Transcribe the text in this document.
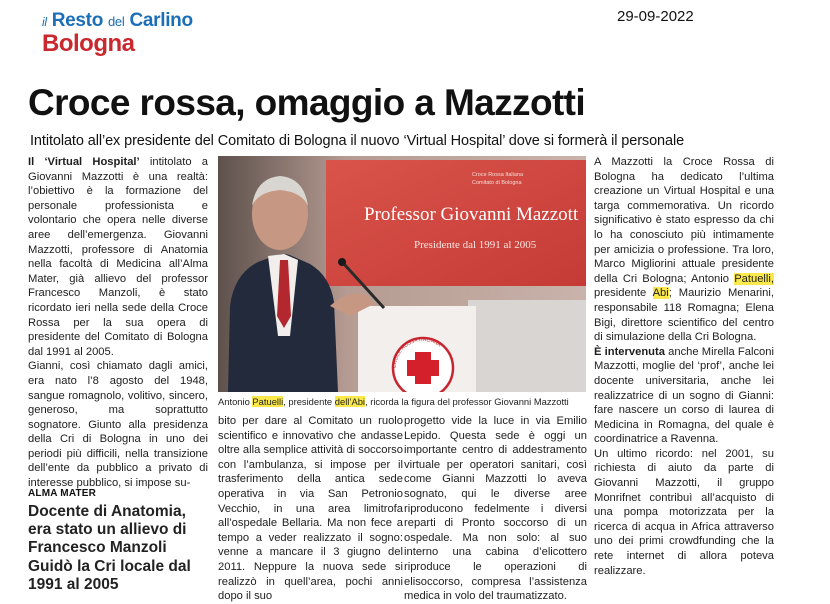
il Resto del Carlino
Bologna
29-09-2022
Croce rossa, omaggio a Mazzotti
Intitolato all’ex presidente del Comitato di Bologna il nuovo ‘Virtual Hospital’ dove si formerà il personale

Il ‘Virtual Hospital’ intitolato a Giovanni Mazzotti è una realtà: l’obiettivo è la formazione del personale professionista e volontario che opera nelle diverse aree dell’emergenza. Giovanni Mazzotti, professore di Anatomia nella facoltà di Medicina all’Alma Mater, già allievo del professor Francesco Manzoli, è stato ricordato ieri nella sede della Croce Rossa per la sua opera di presidente del Comitato di Bologna dal 1991 al 2005.

Gianni, così chiamato dagli amici, era nato l’8 agosto del 1948, sangue romagnolo, volitivo, sincero, generoso, ma soprattutto sognatore. Giunto alla presidenza della Cri di Bologna in uno dei periodi più difficili, nella transizione dell’ente da pubblico a privato di interesse pubblico, si impose su-

ALMA MATER
Docente di Anatomia, era stato un allievo di Francesco Manzoli Guidò la Cri locale dal 1991 al 2005
Croce Rossa Italiana
Comitato di Bologna
Professor Giovanni Mazzott
Presidente dal 1991 al 2005
CROCE ROSSA ITALIANA
Antonio Patuelli, presidente dell’Abi, ricorda la figura del professor Giovanni Mazzotti

bito per dare al Comitato un ruolo scientifico e innovativo che andasse oltre alla semplice attività di soccorso con l’ambulanza, si impose per il trasferimento della antica sede operativa in via San Petronio Vecchio, in una area limitrofa all’ospedale Bellaria. Ma non fece a tempo a veder realizzato il sogno: venne a mancare il 3 giugno del 2011. Neppure la nuova sede si realizzò in quell’area, pochi anni dopo il suo

progetto vide la luce in via Emilio Lepido. Questa sede è oggi un importante centro di addestramento virtuale per operatori sanitari, così come Gianni Mazzotti lo aveva sognato, qui le diverse aree riproducono fedelmente i diversi reparti di Pronto soccorso di un ospedale. Ma non solo: al suo interno una cabina d’elicottero riproduce le operazioni di elisoccorso, compresa l’assistenza medica in volo del traumatizzato.

A Mazzotti la Croce Rossa di Bologna ha dedicato l’ultima creazione un Virtual Hospital e una targa commemorativa. Un ricordo significativo è stato espresso da chi lo ha conosciuto più intimamente per amicizia o professione. Tra loro, Marco Migliorini attuale presidente della Cri Bologna; Antonio Patuelli, presidente Abi; Maurizio Menarini, responsabile 118 Romagna; Elena Bigi, direttore scientifico del centro di simulazione della Cri Bologna.

È intervenuta anche Mirella Falconi Mazzotti, moglie del ‘prof’, anche lei docente universitaria, anche lei realizzatrice di un sogno di Gianni: fare nascere un corso di laurea di Medicina in Romagna, del quale è coordinatrice a Ravenna.

Un ultimo ricordo: nel 2001, su richiesta di aiuto da parte di Giovanni Mazzotti, il gruppo Monrifnet contribuì all’acquisto di una pompa motorizzata per la ricerca di acqua in Africa attraverso uno dei primi crowdfunding che la rete internet di allora poteva realizzare.
